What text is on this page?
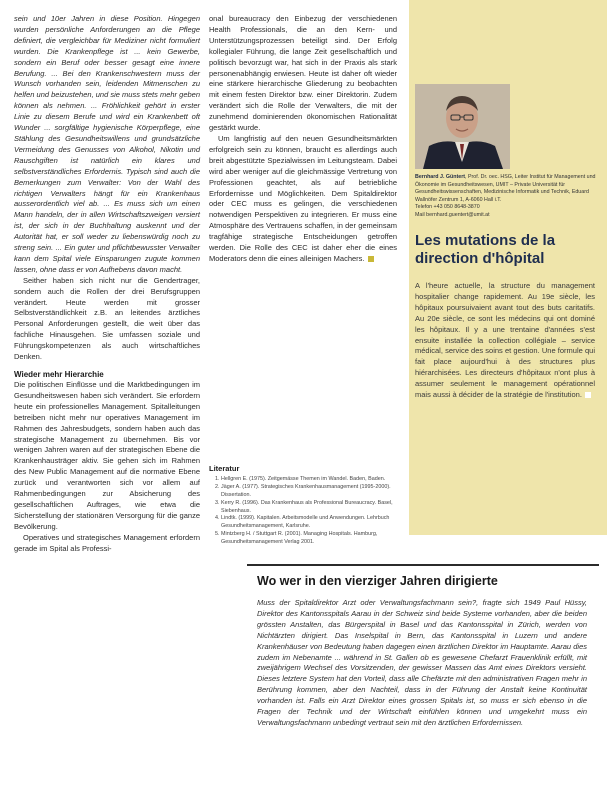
sein und 10er Jahren in diese Position. Hingegen wurden persönliche Anforderungen an die Pflege definiert, die vergleichbar für Mediziner nicht formuliert wurden. Die Krankenpflege ist ... kein Gewerbe, sondern ein Beruf oder besser gesagt eine innere Berufung. ... Bei den Krankenschwestern muss der Wunsch vorhanden sein, leidenden Mitmenschen zu helfen und beizustehen, und sie muss stets mehr geben können als nehmen. ... Fröhlichkeit gehört in erster Linie zu diesem Berufe und wird ein Krankenbett oft Wunder ... sorgfältige hygienische Körperpflege, eine Stählung des Gesundheitswillens und grundsätzliche Vermeidung des Genusses von Alkohol, Nikotin und Rauschgiften ist natürlich ein klares und selbstverständliches Erfordernis. Typisch sind auch die Bemerkungen zum Verwalter: Von der Wahl des richtigen Verwalters hängt für ein Krankenhaus ausserordentlich viel ab. ... Es muss sich um einen Mann handeln, der in allen Wirtschaftszweigen versiert ist, der sich in der Buchhaltung auskennt und der Autorität hat, er soll weder zu liebenswürdig noch zu streng sein. ... Ein guter und pflichtbewusster Verwalter kann dem Spital viele Einsparungen zugute kommen lassen, ohne dass er von Aufhebens davon macht.

Seither haben sich nicht nur die Gendertrager, sondern auch die Rollen der drei Berufsgruppen verändert. Heute werden mit grosser Selbstverständlichkeit z.B. an leitendes ärztliches Personal Anforderungen gestellt, die weit über das fachliche Hinausgehen. Sie umfassen soziale und Führungskompetenzen als auch wirtschaftliches Denken.

Wieder mehr Hierarchie

Die politischen Einflüsse und die Marktbedingungen im Gesundheitswesen haben sich verändert. Sie erfordern heute ein professionelles Management. Spitalleitungen betreiben nicht mehr nur operatives Management im Rahmen des Jahresbudgets, sondern haben auch das strategische Management zu übernehmen. Bis vor wenigen Jahren waren auf der strategischen Ebene die Krankenhausträger aktiv. Sie gehen sich im Rahmen des New Public Management auf die normative Ebene zurück und verantworten sich vor allem auf Rahmenbedingungen zur Absicherung des gesellschaftlichen Auftrages, wie etwa die Sicherstellung der stationären Versorgung für die ganze Bevölkerung.

Operatives und strategisches Management erfordern gerade im Spital als Professi-

onal bureaucracy den Einbezug der verschiedenen Health Professionals, die an den Kern- und Unterstützungsprozessen beteiligt sind. Der Erfolg kollegialer Führung, die lange Zeit gesellschaftlich und politisch bevorzugt war, hat sich in der Praxis als stark personenabhängig erwiesen. Heute ist daher oft wieder eine stärkere hierarchische Gliederung zu beobachten mit einem festen Direktor bzw. einer Direktorin. Zudem verändert sich die Rolle der Verwalters, die mit der zunehmend dominierenden ökonomischen Rationalität gestärkt wurde.

Um langfristig auf den neuen Gesundheitsmärkten erfolgreich sein zu können, braucht es allerdings auch breit abgestützte Spezialwissen im Leitungsteam. Dabei wird aber weniger auf die gleichmässige Vertretung von Professionen geachtet, als auf betriebliche Erfordernisse und Möglichkeiten. Dem Spitaldirektor oder CEC muss es gelingen, die verschiedenen notwendigen Perspektiven zu integrieren. Er muss eine Atmosphäre des Vertrauens schaffen, in der gemeinsam tragfähige strategische Entscheidungen getroffen werden. Die Rolle des CEC ist daher eher die eines Moderators denn die eines alleinigen Machers.

Literatur
1. Hellgren E. (1975). Zeitgemässe Themen im Wandel. Baden, Baden.
2. Jäger A. (1977). Strategisches Krankenhausmanagement (1995-2000). Dissertation.
3. Kerry R. (1996). Das Krankenhaus als Professional Bureaucracy. Basel, Siebenhaus.
4. Lindtk. (1999). Kapitalen. Arbeitsmodelle und Anwendungen. Lehrbuch Gesundheitsmanagement, Karlsruhe.
5. Mintzberg H. / Stuttgart R. (2001). Managing Hospitals. Hamburg, Gesundheitsmanagement Verlag 2001.

Bernhard J. Güntert, Prof. Dr. oec. HSG, Leiter Institut für Management und Ökonomie im Gesundheitswesen, UMIT – Private Universität für Gesundheitswissenschaften, Medizinische Informatik und Technik, Eduard Wallnöfer Zentrum 1, A-6060 Hall i.T.

Telefon +43 050 8648-3870

Mail bernhard.guentert@umit.at

Les mutations de la direction d'hôpital

A l'heure actuelle, la structure du management hospitalier change rapidement. Au 19e siècle, les hôpitaux poursuivaient avant tout des buts caritatifs. Au 20e siècle, ce sont les médecins qui ont dominé les hôpitaux. Il y a une trentaine d'années s'est ensuite installée la collection collégiale – service médical, service des soins et gestion. Une formule qui fait place aujourd'hui à des structures plus hiérarchisées. Les directeurs d'hôpitaux n'ont plus à assumer seulement le management opérationnel mais aussi à décider de la stratégie de l'institution.

Wo wer in den vierziger Jahren dirigierte

Muss der Spitaldirektor Arzt oder Verwaltungsfachmann sein?, fragte sich 1949 Paul Hüssy, Direktor des Kantonsspitals Aarau in der Schweiz sind beide Systeme vorhanden, aber die beiden grössten Anstalten, das Bürgerspital in Basel und das Kantonsspital in Zürich, werden von Nichtärzten dirigiert. Das Inselspital in Bern, das Kantonsspital in Luzern und andere Krankenhäuser von Bedeutung haben dagegen einen ärztlichen Direktor im Hauptamte. Aarau dies zudem im Nebenamte ... während in St. Gallen ob es gewesene Chefarzt Frauenklinik erfüllt, mit zweijährigem Wechsel des Vorsitzenden, der gewisser Massen das Amt eines Direktors versieht. Dieses letztere System hat den Vorteil, dass alle Chefärzte mit den administrativen Fragen mehr in Berührung kommen, aber den Nachteil, dass in der Führung der Anstalt keine Kontinuität vorhanden ist. Falls ein Arzt Direktor eines grossen Spitals ist, so muss er sich ebenso in die Fragen der Technik und der Wirtschaft einfühlen können und umgekehrt muss ein Verwaltungsfachmann unbedingt vertraut sein mit den ärztlichen Erfordernissen.
